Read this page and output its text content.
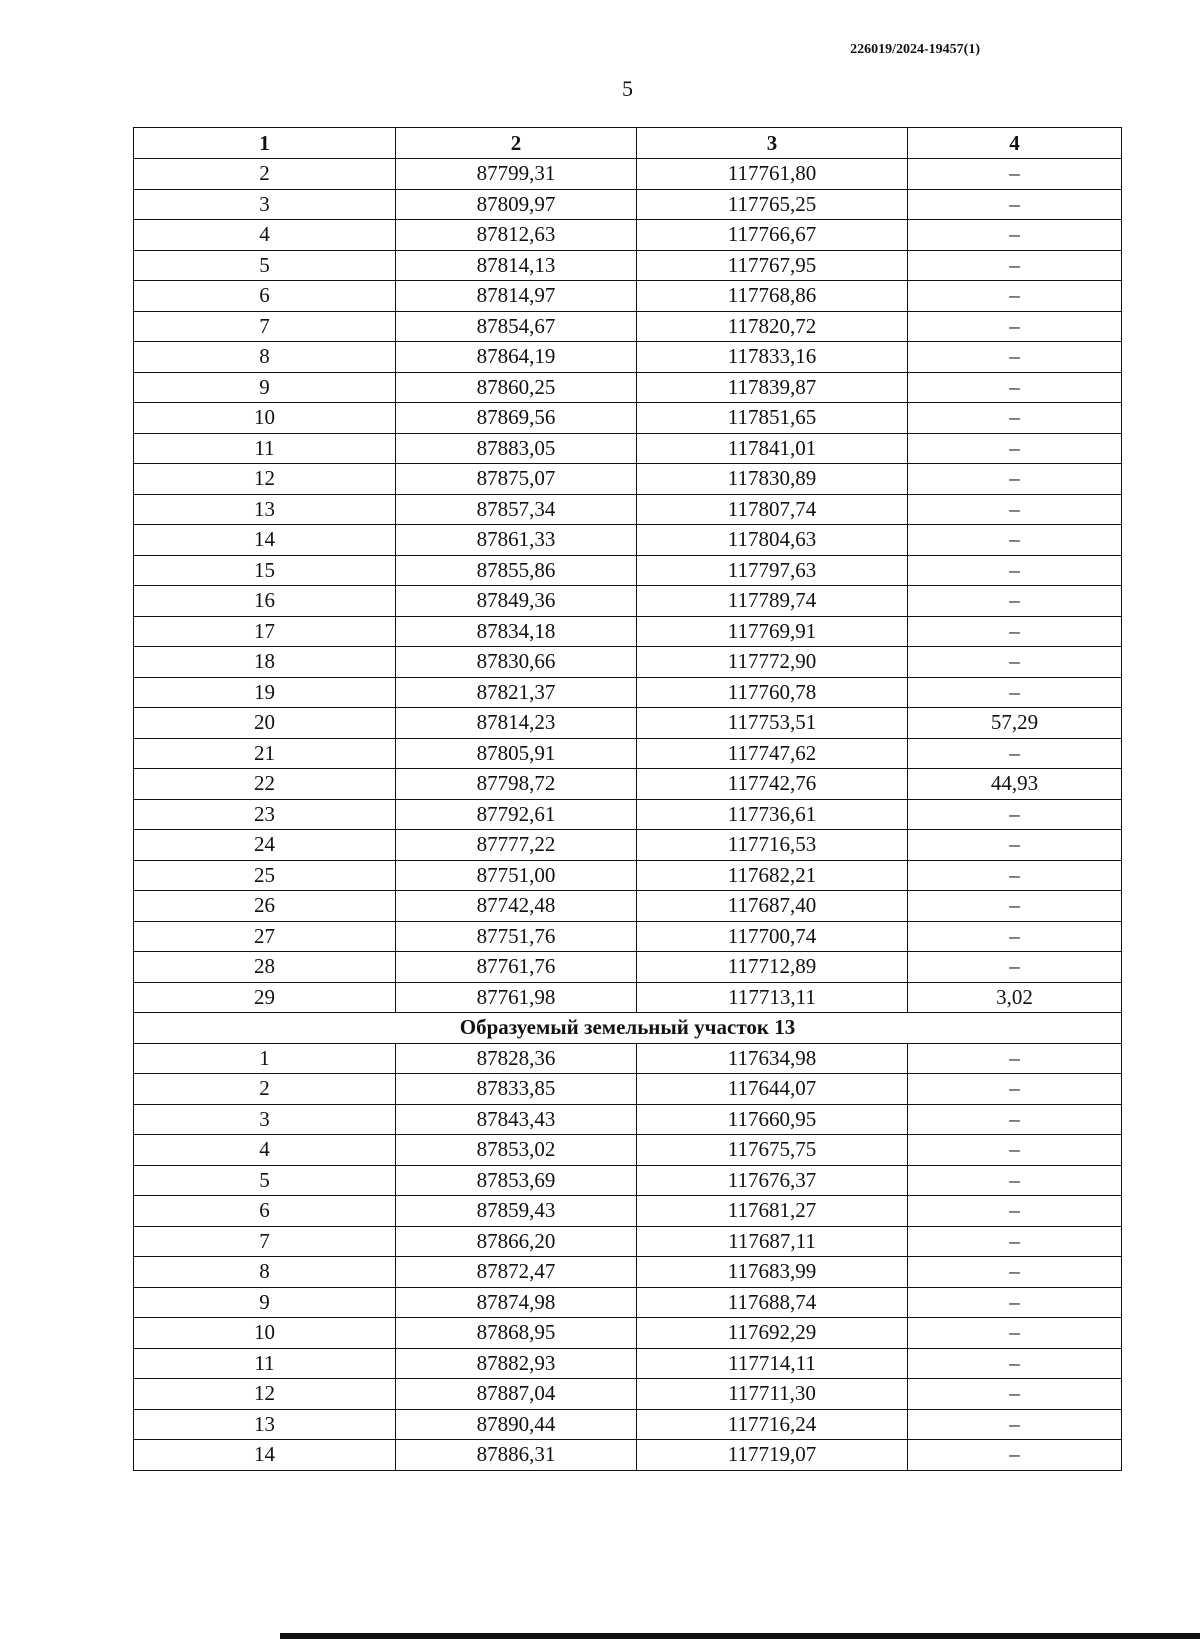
226019/2024-19457(1)
5
1	2	3	4
2	87799,31	117761,80	–
3	87809,97	117765,25	–
4	87812,63	117766,67	–
5	87814,13	117767,95	–
6	87814,97	117768,86	–
7	87854,67	117820,72	–
8	87864,19	117833,16	–
9	87860,25	117839,87	–
10	87869,56	117851,65	–
11	87883,05	117841,01	–
12	87875,07	117830,89	–
13	87857,34	117807,74	–
14	87861,33	117804,63	–
15	87855,86	117797,63	–
16	87849,36	117789,74	–
17	87834,18	117769,91	–
18	87830,66	117772,90	–
19	87821,37	117760,78	–
20	87814,23	117753,51	57,29
21	87805,91	117747,62	–
22	87798,72	117742,76	44,93
23	87792,61	117736,61	–
24	87777,22	117716,53	–
25	87751,00	117682,21	–
26	87742,48	117687,40	–
27	87751,76	117700,74	–
28	87761,76	117712,89	–
29	87761,98	117713,11	3,02
Образуемый земельный участок 13			
1	87828,36	117634,98	–
2	87833,85	117644,07	–
3	87843,43	117660,95	–
4	87853,02	117675,75	–
5	87853,69	117676,37	–
6	87859,43	117681,27	–
7	87866,20	117687,11	–
8	87872,47	117683,99	–
9	87874,98	117688,74	–
10	87868,95	117692,29	–
11	87882,93	117714,11	–
12	87887,04	117711,30	–
13	87890,44	117716,24	–
14	87886,31	117719,07	–
